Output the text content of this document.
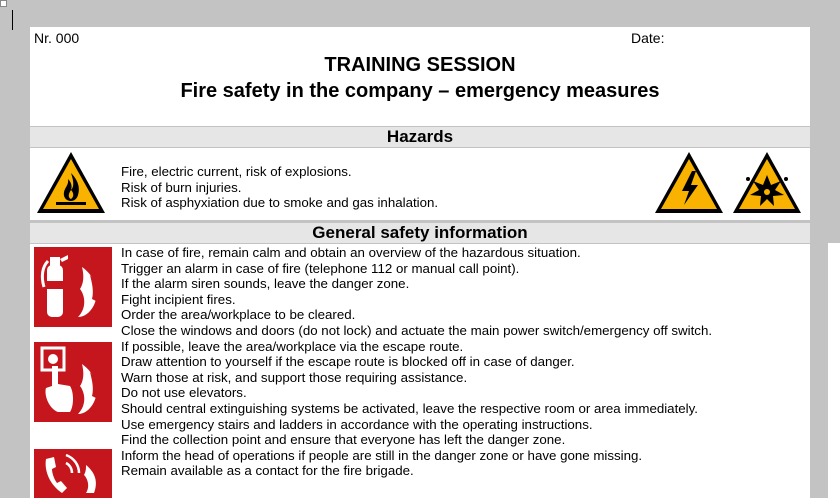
Nr. 000	Date:
TRAINING SESSION
Fire safety in the company – emergency measures
Hazards
Fire, electric current, risk of explosions.
Risk of burn injuries.
Risk of asphyxiation due to smoke and gas inhalation.
General safety information
In case of fire, remain calm and obtain an overview of the hazardous situation.
Trigger an alarm in case of fire (telephone 112 or manual call point).
If the alarm siren sounds, leave the danger zone.
Fight incipient fires.
Order the area/workplace to be cleared.
Close the windows and doors (do not lock) and actuate the main power switch/emergency off switch.
If possible, leave the area/workplace via the escape route.
Draw attention to yourself if the escape route is blocked off in case of danger.
Warn those at risk, and support those requiring assistance.
Do not use elevators.
Should central extinguishing systems be activated, leave the respective room or area immediately.
Use emergency stairs and ladders in accordance with the operating instructions.
Find the collection point and ensure that everyone has left the danger zone.
Inform the head of operations if people are still in the danger zone or have gone missing.
Remain available as a contact for the fire brigade.
